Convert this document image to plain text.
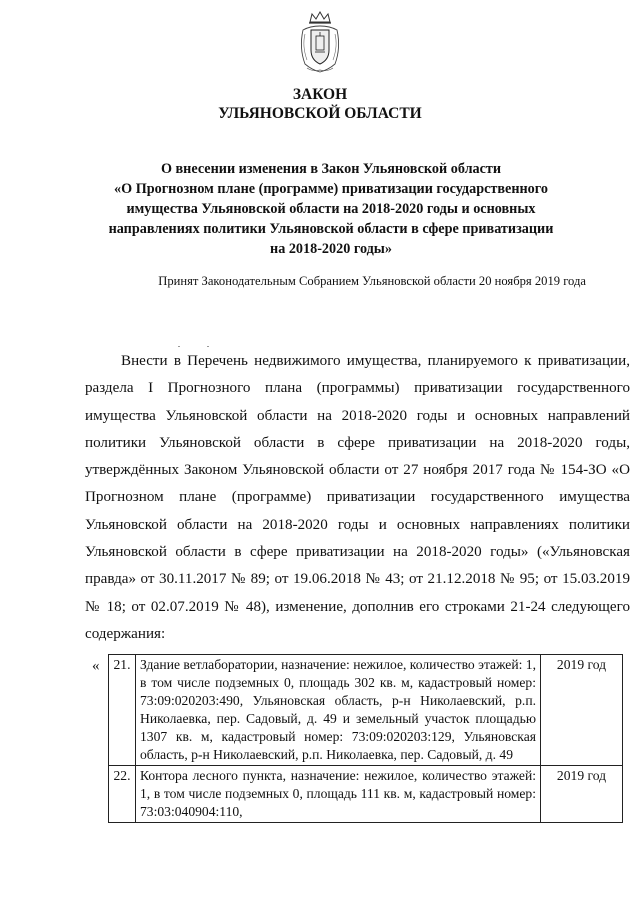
ЗАКОН
УЛЬЯНОВСКОЙ ОБЛАСТИ
О внесении изменения в Закон Ульяновской области
«О Прогнозном плане (программе) приватизации государственного
имущества Ульяновской области на 2018-2020 годы и основных
направлениях политики Ульяновской области в сфере приватизации
на 2018-2020 годы»
Принят Законодательным Собранием Ульяновской области 20 ноября 2019 года

Внести в Перечень недвижимого имущества, планируемого к приватизации, раздела I Прогнозного плана (программы) приватизации государственного имущества Ульяновской области на 2018-2020 годы и основных направлений политики Ульяновской области в сфере приватизации на 2018-2020 годы, утверждённых Законом Ульяновской области от 27 ноября 2017 года № 154-ЗО «О Прогнозном плане (программе) приватизации государственного имущества Ульяновской области на 2018-2020 годы и основных направлениях политики Ульяновской области в сфере приватизации на 2018-2020 годы» («Ульяновская правда» от 30.11.2017 № 89; от 19.06.2018 № 43; от 21.12.2018 № 95; от 15.03.2019 № 18; от 02.07.2019 № 48), изменение, дополнив его строками 21-24 следующего содержания:

« 21.	Здание ветлаборатории, назначение: нежилое, количество этажей: 1, в том числе подземных 0, площадь 302 кв. м, кадастровый номер: 73:09:020203:490, Ульяновская область, р-н Николаевский, р.п. Николаевка, пер. Садовый, д. 49 и земельный участок площадью 1307 кв. м, кадастровый номер: 73:09:020203:129, Ульяновская область, р-н Николаевский, р.п. Николаевка, пер. Садовый, д. 49	2019 год
22.	Контора лесного пункта, назначение: нежилое, количество этажей: 1, в том числе подземных 0, площадь 111 кв. м, кадастровый номер: 73:03:040904:110,	2019 год
